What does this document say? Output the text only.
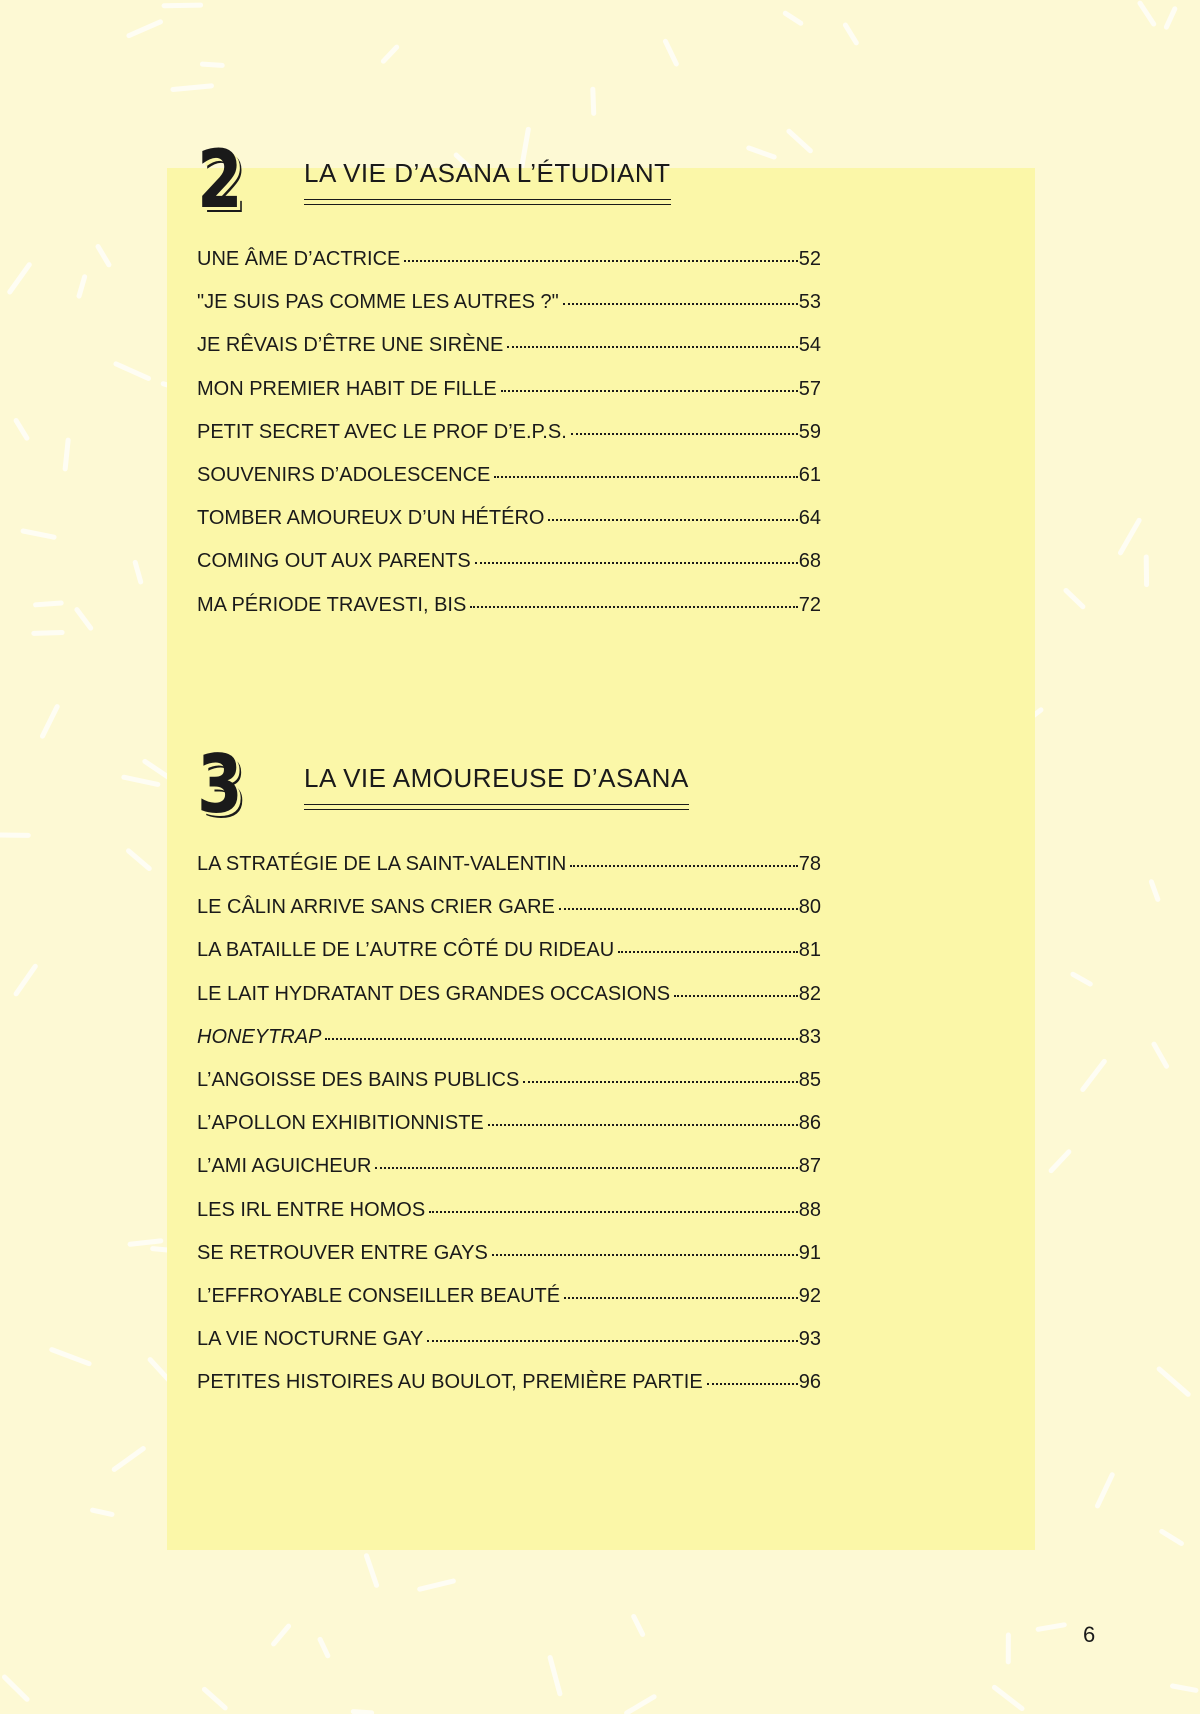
2 LA VIE D’ASANA L’ÉTUDIANT
UNE ÂME D’ACTRICE	52
"JE SUIS PAS COMME LES AUTRES ?"	53
JE RÊVAIS D’ÊTRE UNE SIRÈNE	54
MON PREMIER HABIT DE FILLE	57
PETIT SECRET AVEC LE PROF D’E.P.S.	59
SOUVENIRS D’ADOLESCENCE	61
TOMBER AMOUREUX D’UN HÉTÉRO	64
COMING OUT AUX PARENTS	68
MA PÉRIODE TRAVESTI, BIS	72
3 LA VIE AMOUREUSE D’ASANA
LA STRATÉGIE DE LA SAINT-VALENTIN	78
LE CÂLIN ARRIVE SANS CRIER GARE	80
LA BATAILLE DE L’AUTRE CÔTÉ DU RIDEAU	81
LE LAIT HYDRATANT DES GRANDES OCCASIONS	82
HONEYTRAP	83
L’ANGOISSE DES BAINS PUBLICS	85
L’APOLLON EXHIBITIONNISTE	86
L’AMI AGUICHEUR	87
LES IRL ENTRE HOMOS	88
SE RETROUVER ENTRE GAYS	91
L’EFFROYABLE CONSEILLER BEAUTÉ	92
LA VIE NOCTURNE GAY	93
PETITES HISTOIRES AU BOULOT, PREMIÈRE PARTIE	96
6
